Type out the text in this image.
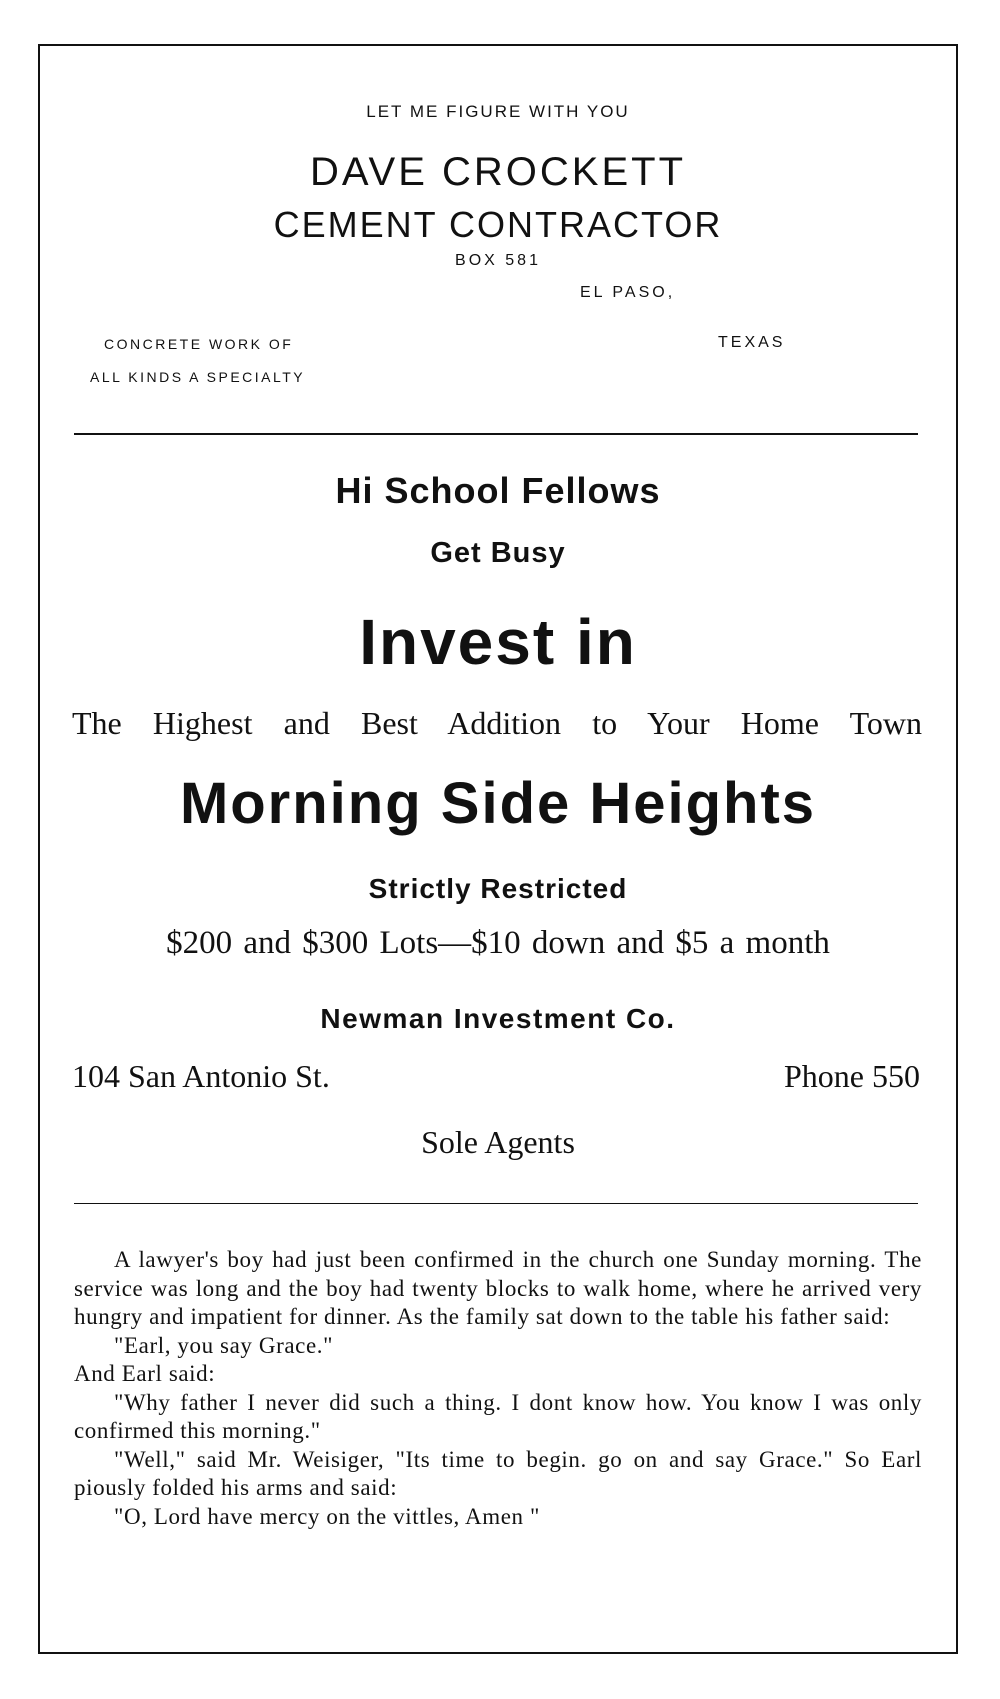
LET ME FIGURE WITH YOU
DAVE CROCKETT
CEMENT CONTRACTOR
BOX 581
EL PASO,
CONCRETE WORK OF
ALL KINDS A SPECIALTY
TEXAS
Hi School Fellows
Get Busy
Invest in
The Highest and Best Addition to Your Home Town
Morning Side Heights
Strictly Restricted
$200 and $300 Lots—$10 down and $5 a month
Newman Investment Co.
104 San Antonio St.	Phone 550
Sole Agents

A lawyer's boy had just been confirmed in the church one Sunday morning. The service was long and the boy had twenty blocks to walk home, where he arrived very hungry and impatient for dinner. As the family sat down to the table his father said:

"Earl, you say Grace."

And Earl said:

"Why father I never did such a thing. I dont know how. You know I was only confirmed this morning."

"Well," said Mr. Weisiger, "Its time to begin. go on and say Grace." So Earl piously folded his arms and said:

"O, Lord have mercy on the vittles, Amen "
